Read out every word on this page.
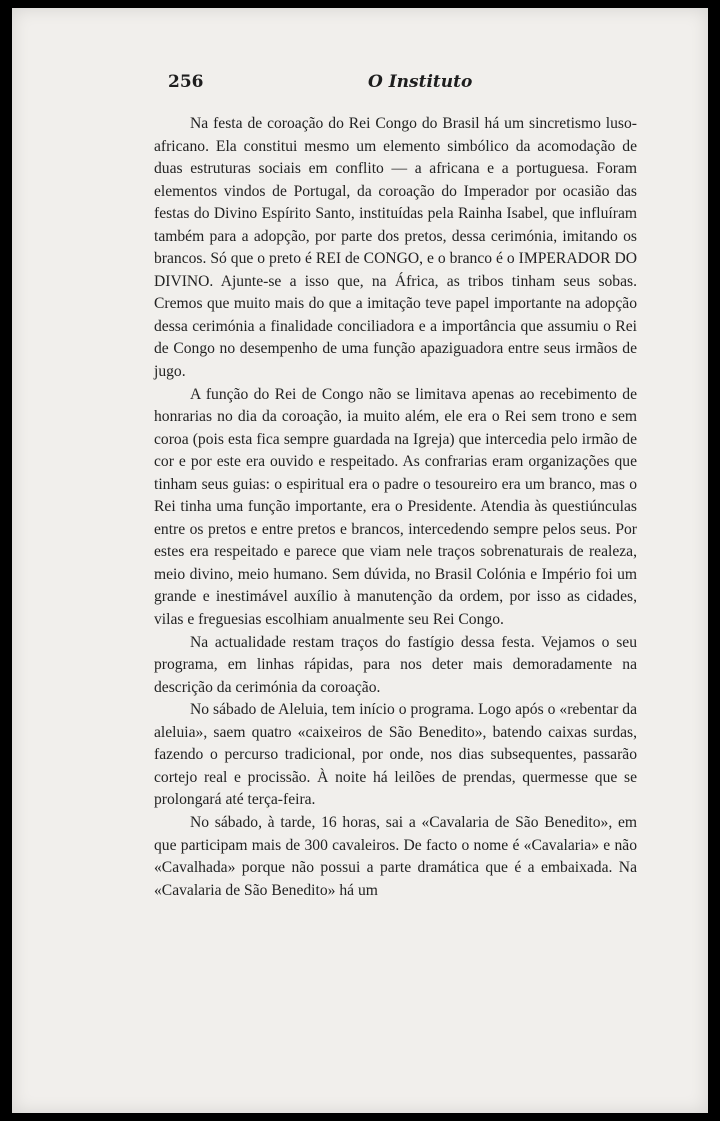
256	O Instituto

Na festa de coroação do Rei Congo do Brasil há um sincretismo luso-africano. Ela constitui mesmo um elemento simbólico da acomodação de duas estruturas sociais em conflito — a africana e a portuguesa. Foram elementos vindos de Portugal, da coroação do Imperador por ocasião das festas do Divino Espírito Santo, instituídas pela Rainha Isabel, que influíram também para a adopção, por parte dos pretos, dessa cerimónia, imitando os brancos. Só que o preto é REI de CONGO, e o branco é o IMPERADOR DO DIVINO. Ajunte-se a isso que, na África, as tribos tinham seus sobas. Cremos que muito mais do que a imitação teve papel importante na adopção dessa cerimónia a finalidade conciliadora e a importância que assumiu o Rei de Congo no desempenho de uma função apaziguadora entre seus irmãos de jugo.

A função do Rei de Congo não se limitava apenas ao recebimento de honrarias no dia da coroação, ia muito além, ele era o Rei sem trono e sem coroa (pois esta fica sempre guardada na Igreja) que intercedia pelo irmão de cor e por este era ouvido e respeitado. As confrarias eram organizações que tinham seus guias: o espiritual era o padre o tesoureiro era um branco, mas o Rei tinha uma função importante, era o Presidente. Atendia às questiúnculas entre os pretos e entre pretos e brancos, intercedendo sempre pelos seus. Por estes era respeitado e parece que viam nele traços sobrenaturais de realeza, meio divino, meio humano. Sem dúvida, no Brasil Colónia e Império foi um grande e inestimável auxílio à manutenção da ordem, por isso as cidades, vilas e freguesias escolhiam anualmente seu Rei Congo.

Na actualidade restam traços do fastígio dessa festa. Vejamos o seu programa, em linhas rápidas, para nos deter mais demoradamente na descrição da cerimónia da coroação.

No sábado de Aleluia, tem início o programa. Logo após o «rebentar da aleluia», saem quatro «caixeiros de São Benedito», batendo caixas surdas, fazendo o percurso tradicional, por onde, nos dias subsequentes, passarão cortejo real e procissão. À noite há leilões de prendas, quermesse que se prolongará até terça-feira.

No sábado, à tarde, 16 horas, sai a «Cavalaria de São Benedito», em que participam mais de 300 cavaleiros. De facto o nome é «Cavalaria» e não «Cavalhada» porque não possui a parte dramática que é a embaixada. Na «Cavalaria de São Benedito» há um
